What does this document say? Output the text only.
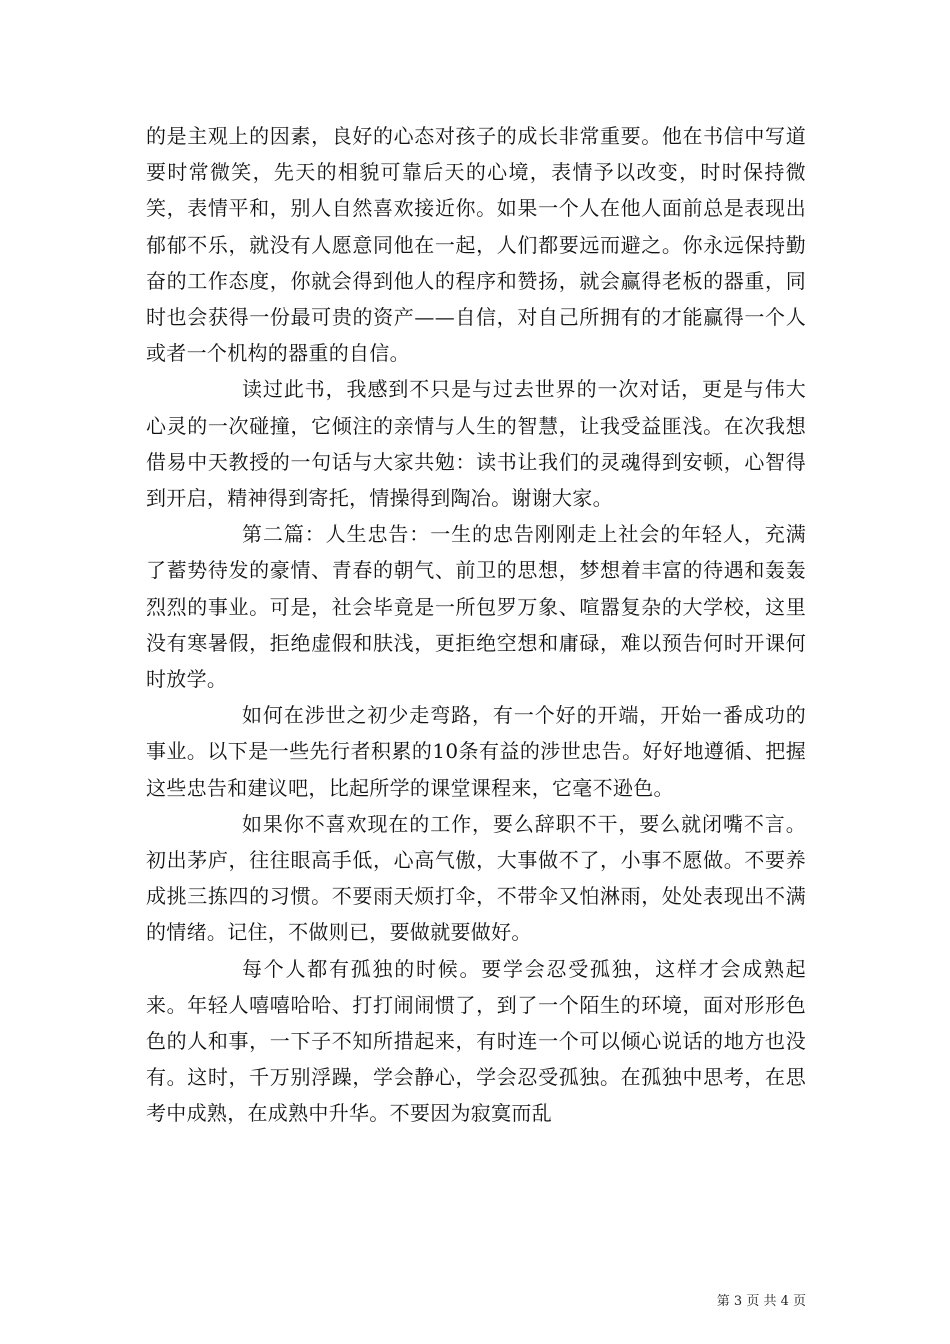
的是主观上的因素，良好的心态对孩子的成长非常重要。他在书信中写道要时常微笑，先天的相貌可靠后天的心境，表情予以改变，时时保持微笑，表情平和，别人自然喜欢接近你。如果一个人在他人面前总是表现出郁郁不乐，就没有人愿意同他在一起，人们都要远而避之。你永远保持勤奋的工作态度，你就会得到他人的程序和赞扬，就会赢得老板的器重，同时也会获得一份最可贵的资产——自信，对自己所拥有的才能赢得一个人或者一个机构的器重的自信。

读过此书，我感到不只是与过去世界的一次对话，更是与伟大心灵的一次碰撞，它倾注的亲情与人生的智慧，让我受益匪浅。在次我想借易中天教授的一句话与大家共勉：读书让我们的灵魂得到安顿，心智得到开启，精神得到寄托，情操得到陶冶。谢谢大家。

第二篇：人生忠告：一生的忠告刚刚走上社会的年轻人，充满了蓄势待发的豪情、青春的朝气、前卫的思想，梦想着丰富的待遇和轰轰烈烈的事业。可是，社会毕竟是一所包罗万象、喧嚣复杂的大学校，这里没有寒暑假，拒绝虚假和肤浅，更拒绝空想和庸碌，难以预告何时开课何时放学。

如何在涉世之初少走弯路，有一个好的开端，开始一番成功的事业。以下是一些先行者积累的10条有益的涉世忠告。好好地遵循、把握这些忠告和建议吧，比起所学的课堂课程来，它毫不逊色。

如果你不喜欢现在的工作，要么辞职不干，要么就闭嘴不言。初出茅庐，往往眼高手低，心高气傲，大事做不了，小事不愿做。不要养成挑三拣四的习惯。不要雨天烦打伞，不带伞又怕淋雨，处处表现出不满的情绪。记住，不做则已，要做就要做好。

每个人都有孤独的时候。要学会忍受孤独，这样才会成熟起来。年轻人嘻嘻哈哈、打打闹闹惯了，到了一个陌生的环境，面对形形色色的人和事，一下子不知所措起来，有时连一个可以倾心说话的地方也没有。这时，千万别浮躁，学会静心，学会忍受孤独。在孤独中思考，在思考中成熟，在成熟中升华。不要因为寂寞而乱

第 3 页 共 4 页
